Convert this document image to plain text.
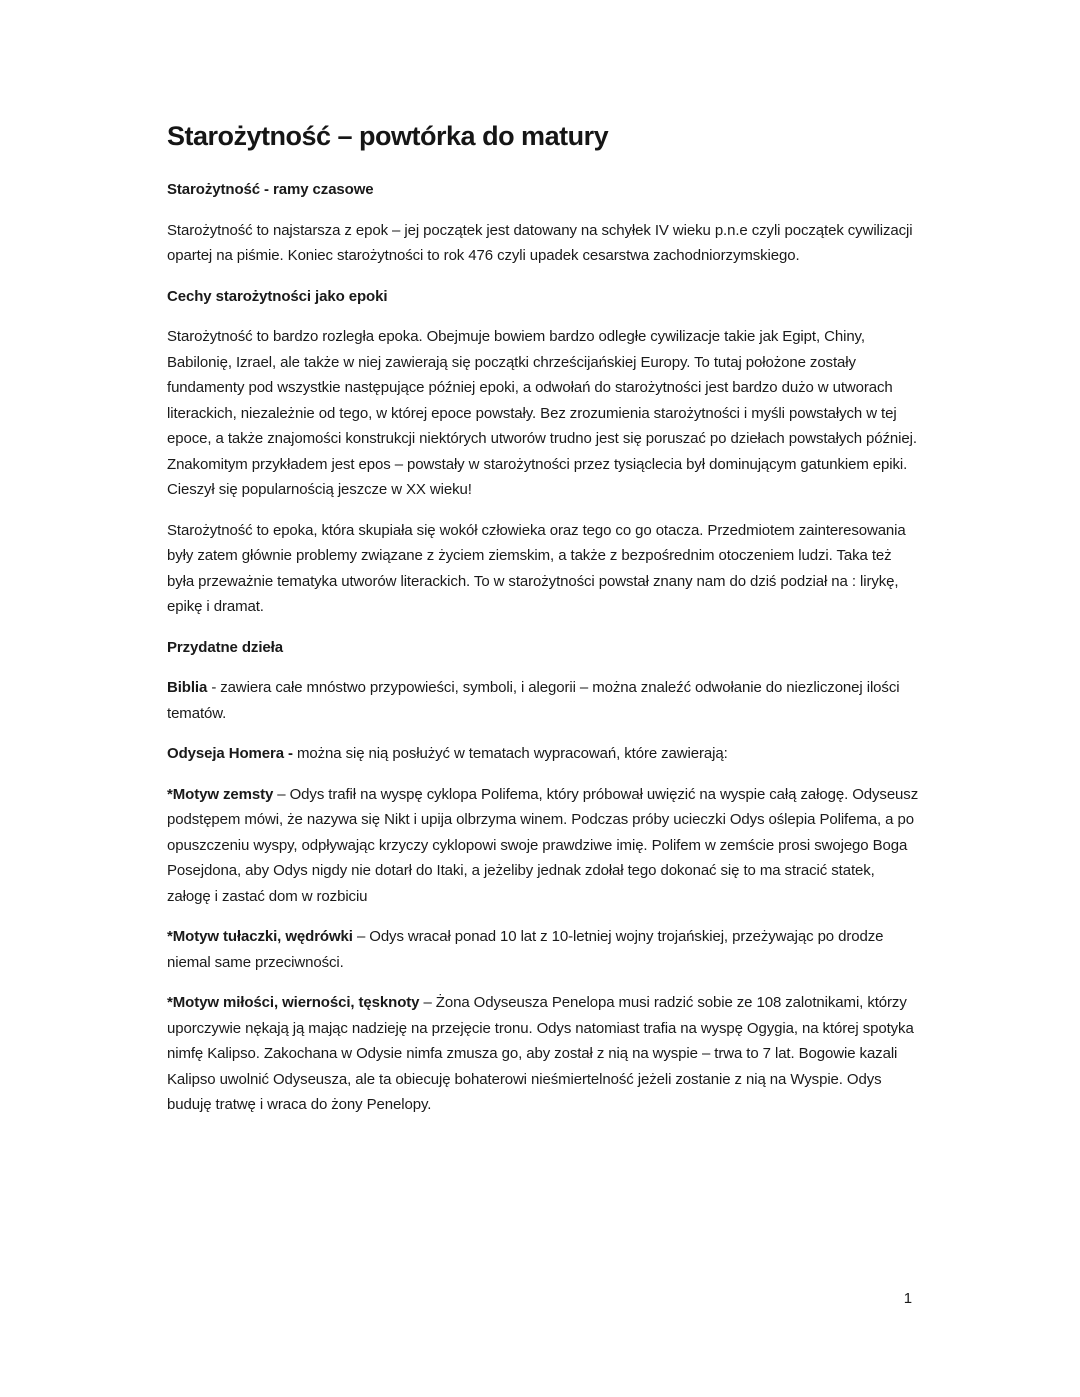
Starożytność – powtórka do matury
Starożytność - ramy czasowe

Starożytność to najstarsza z epok – jej początek jest datowany na schyłek IV wieku p.n.e czyli początek cywilizacji opartej na piśmie. Koniec starożytności to rok 476 czyli upadek cesarstwa zachodniorzymskiego.

Cechy starożytności jako epoki

Starożytność to bardzo rozległa epoka. Obejmuje bowiem bardzo odległe cywilizacje takie jak Egipt, Chiny, Babilonię, Izrael, ale także w niej zawierają się początki chrześcijańskiej Europy. To tutaj położone zostały fundamenty pod wszystkie następujące później epoki, a odwołań do starożytności jest bardzo dużo w utworach literackich, niezależnie od tego, w której epoce powstały. Bez zrozumienia starożytności i myśli powstałych w tej epoce, a także znajomości konstrukcji niektórych utworów trudno jest się poruszać po dziełach powstałych później. Znakomitym przykładem jest epos – powstały w starożytności przez tysiąclecia był dominującym gatunkiem epiki. Cieszył się popularnością jeszcze w XX wieku!

Starożytność to epoka, która skupiała się wokół człowieka oraz tego co go otacza. Przedmiotem zainteresowania były zatem głównie problemy związane z życiem ziemskim, a także z bezpośrednim otoczeniem ludzi. Taka też była przeważnie tematyka utworów literackich. To w starożytności powstał znany nam do dziś podział na : lirykę, epikę i dramat.

Przydatne dzieła

Biblia - zawiera całe mnóstwo przypowieści, symboli, i alegorii – można znaleźć odwołanie do niezliczonej ilości tematów.

Odyseja Homera - można się nią posłużyć w tematach wypracowań, które zawierają:

*Motyw zemsty – Odys trafił na wyspę cyklopa Polifema, który próbował uwięzić na wyspie całą załogę. Odyseusz podstępem mówi, że nazywa się Nikt i upija olbrzyma winem. Podczas próby ucieczki Odys oślepia Polifema, a po opuszczeniu wyspy, odpływając krzyczy cyklopowi swoje prawdziwe imię. Polifem w zemście prosi swojego Boga Posejdona, aby Odys nigdy nie dotarł do Itaki, a jeżeliby jednak zdołał tego dokonać się to ma stracić statek, załogę i zastać dom w rozbiciu

*Motyw tułaczki, wędrówki – Odys wracał ponad 10 lat z 10-letniej wojny trojańskiej, przeżywając po drodze niemal same przeciwności.

*Motyw miłości, wierności, tęsknoty – Żona Odyseusza Penelopa musi radzić sobie ze 108 zalotnikami, którzy uporczywie nękają ją mając nadzieję na przejęcie tronu. Odys natomiast trafia na wyspę Ogygia, na której spotyka nimfę Kalipso. Zakochana w Odysie nimfa zmusza go, aby został z nią na wyspie – trwa to 7 lat. Bogowie kazali Kalipso uwolnić Odyseusza, ale ta obiecuję bohaterowi nieśmiertelność jeżeli zostanie z nią na Wyspie. Odys buduję tratwę i wraca do żony Penelopy.

1
